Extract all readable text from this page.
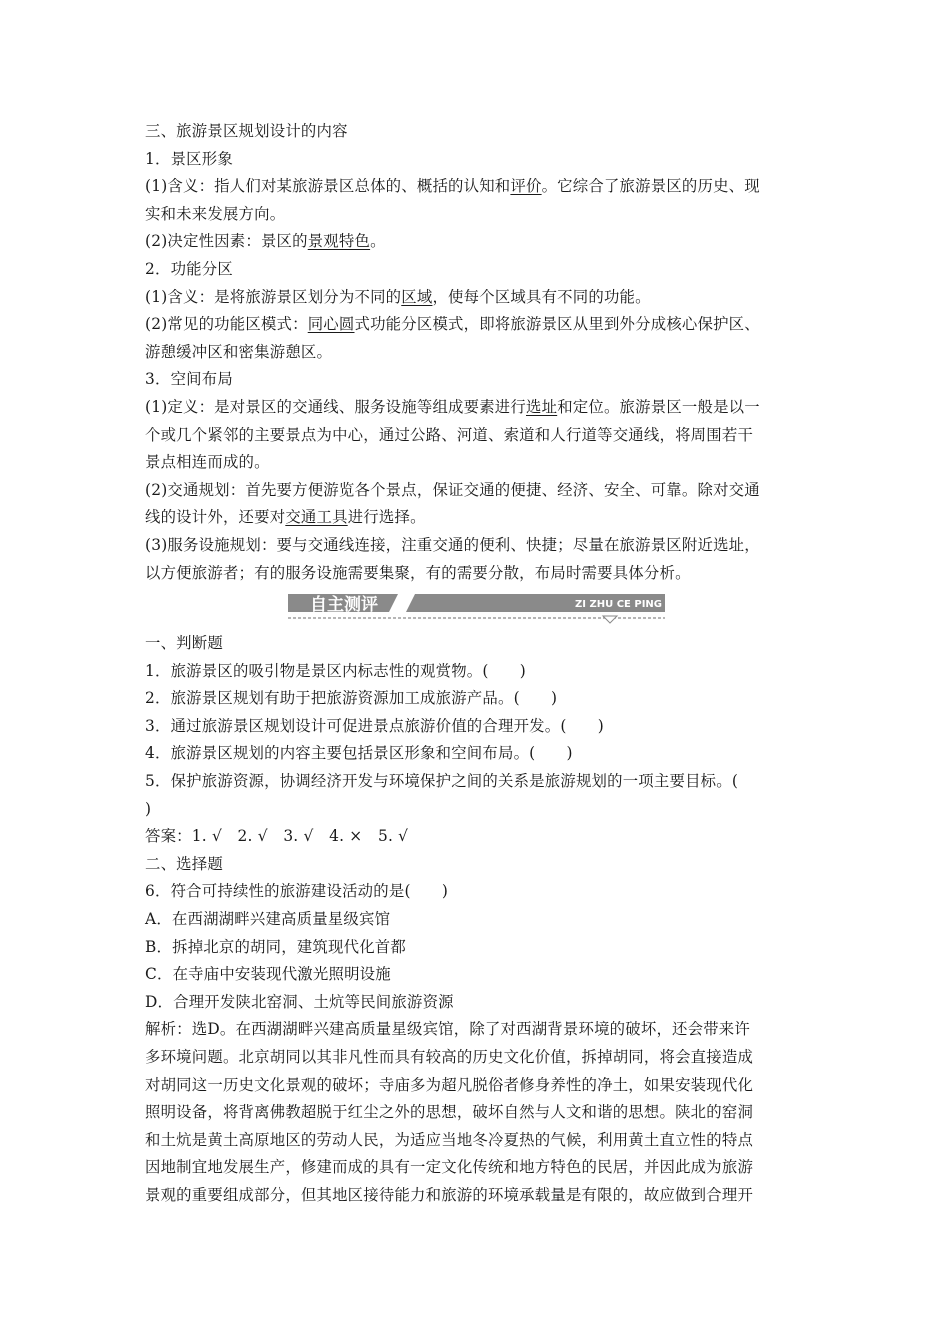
三、旅游景区规划设计的内容
1．景区形象
(1)含义：指人们对某旅游景区总体的、概括的认知和评价。它综合了旅游景区的历史、现
实和未来发展方向。
(2)决定性因素：景区的景观特色。
2．功能分区
(1)含义：是将旅游景区划分为不同的区域，使每个区域具有不同的功能。
(2)常见的功能区模式：同心圆式功能分区模式，即将旅游景区从里到外分成核心保护区、
游憩缓冲区和密集游憩区。
3．空间布局
(1)定义：是对景区的交通线、服务设施等组成要素进行选址和定位。旅游景区一般是以一
个或几个紧邻的主要景点为中心，通过公路、河道、索道和人行道等交通线，将周围若干
景点相连而成的。
(2)交通规划：首先要方便游览各个景点，保证交通的便捷、经济、安全、可靠。除对交通
线的设计外，还要对交通工具进行选择。
(3)服务设施规划：要与交通线连接，注重交通的便利、快捷；尽量在旅游景区附近选址，
以方便旅游者；有的服务设施需要集聚，有的需要分散，布局时需要具体分析。
自主测评	ZI ZHU CE PING
一、判断题
1．旅游景区的吸引物是景区内标志性的观赏物。(　　)
2．旅游景区规划有助于把旅游资源加工成旅游产品。(　　)
3．通过旅游景区规划设计可促进景点旅游价值的合理开发。(　　)
4．旅游景区规划的内容主要包括景区形象和空间布局。(　　)
5．保护旅游资源，协调经济开发与环境保护之间的关系是旅游规划的一项主要目标。(
)
答案：1. √　2. √　3. √　4. ×　5. √
二、选择题
6．符合可持续性的旅游建设活动的是(　　)
A．在西湖湖畔兴建高质量星级宾馆
B．拆掉北京的胡同，建筑现代化首都
C．在寺庙中安装现代激光照明设施
D．合理开发陕北窑洞、土炕等民间旅游资源
解析：选D。在西湖湖畔兴建高质量星级宾馆，除了对西湖背景环境的破坏，还会带来许
多环境问题。北京胡同以其非凡性而具有较高的历史文化价值，拆掉胡同，将会直接造成
对胡同这一历史文化景观的破坏；寺庙多为超凡脱俗者修身养性的净土，如果安装现代化
照明设备，将背离佛教超脱于红尘之外的思想，破坏自然与人文和谐的思想。陕北的窑洞
和土炕是黄土高原地区的劳动人民，为适应当地冬冷夏热的气候，利用黄土直立性的特点
因地制宜地发展生产，修建而成的具有一定文化传统和地方特色的民居，并因此成为旅游
景观的重要组成部分，但其地区接待能力和旅游的环境承载量是有限的，故应做到合理开
